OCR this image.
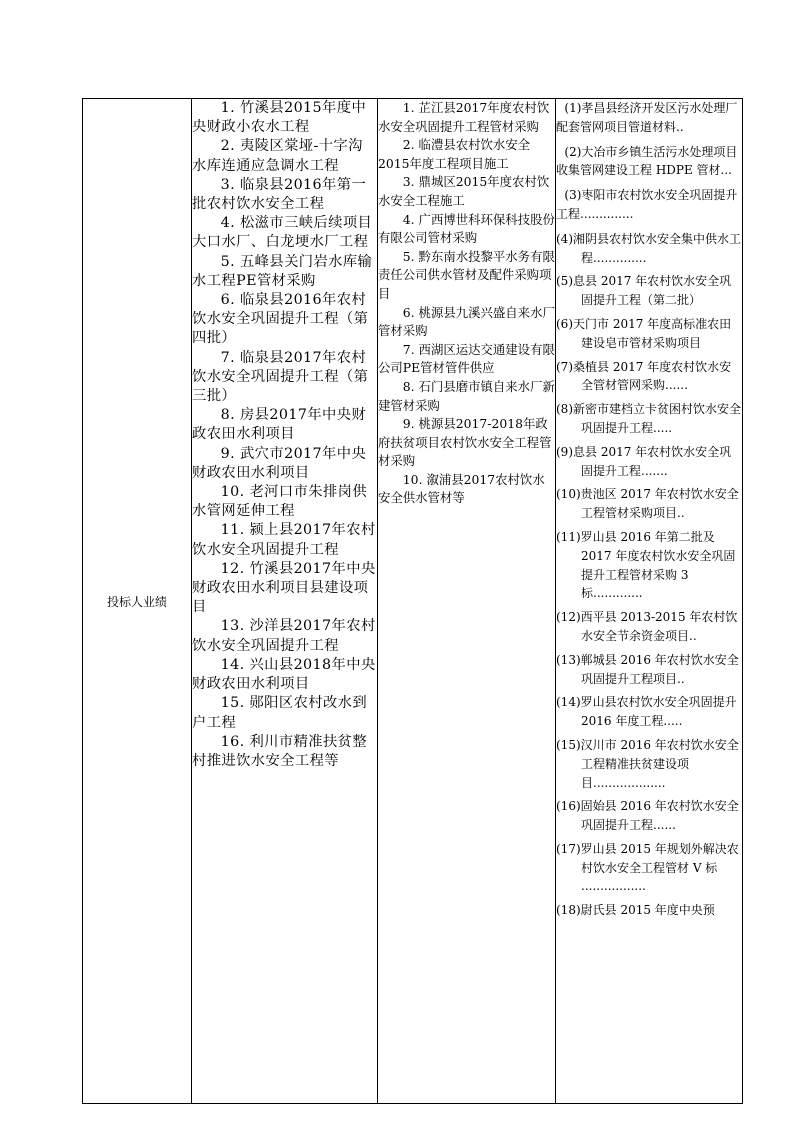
投标人业绩	
1. 竹溪县2015年度中央财政小农水工程
2. 夷陵区棠垭-十字沟水库连通应急调水工程
3. 临泉县2016年第一批农村饮水安全工程
4. 松滋市三峡后续项目大口水厂、白龙埂水厂工程
5. 五峰县关门岩水库输水工程PE管材采购
6. 临泉县2016年农村饮水安全巩固提升工程（第四批）
7. 临泉县2017年农村饮水安全巩固提升工程（第三批）
8. 房县2017年中央财政农田水利项目
9. 武穴市2017年中央财政农田水利项目
10. 老河口市朱排岗供水管网延伸工程
11. 颍上县2017年农村饮水安全巩固提升工程
12. 竹溪县2017年中央财政农田水利项目县建设项目
13. 沙洋县2017年农村饮水安全巩固提升工程
14. 兴山县2018年中央财政农田水利项目
15. 郧阳区农村改水到户工程
16. 利川市精准扶贫整村推进饮水安全工程等

1. 芷江县2017年度农村饮水安全巩固提升工程管材采购
2. 临澧县农村饮水安全2015年度工程项目施工
3. 鼎城区2015年度农村饮水安全工程施工
4. 广西博世科环保科技股份有限公司管材采购
5. 黔东南水投黎平水务有限责任公司供水管材及配件采购项目
6. 桃源县九溪兴盛自来水厂管材采购
7. 西湖区运达交通建设有限公司PE管材管件供应
8. 石门县磨市镇自来水厂新建管材采购
9. 桃源县2017-2018年政府扶贫项目农村饮水安全工程管材采购
10. 溆浦县2017农村饮水安全供水管材等

(1)孝昌县经济开发区污水处理厂配套管网项目管道材料..
(2)大冶市乡镇生活污水处理项目收集管网建设工程 HDPE 管材...
(3)枣阳市农村饮水安全巩固提升工程..............
(4)湘阴县农村饮水安全集中供水工程..............
(5)息县 2017 年农村饮水安全巩固提升工程（第二批）
(6)天门市 2017 年度高标准农田建设皂市管材采购项目
(7)桑植县 2017 年度农村饮水安全管材管网采购......
(8)新密市建档立卡贫困村饮水安全巩固提升工程.....
(9)息县 2017 年农村饮水安全巩固提升工程.......
(10)贵池区 2017 年农村饮水安全工程管材采购项目..
(11)罗山县 2016 年第二批及 2017 年度农村饮水安全巩固提升工程管材采购 3 标.............
(12)西平县 2013-2015 年农村饮水安全节余资金项目..
(13)郸城县 2016 年农村饮水安全巩固提升工程项目..
(14)罗山县农村饮水安全巩固提升 2016 年度工程.....
(15)汉川市 2016 年农村饮水安全工程精准扶贫建设项目...................
(16)固始县 2016 年农村饮水安全巩固提升工程......
(17)罗山县 2015 年规划外解决农村饮水安全工程管材 V 标 .................
(18)尉氏县 2015 年度中央预
